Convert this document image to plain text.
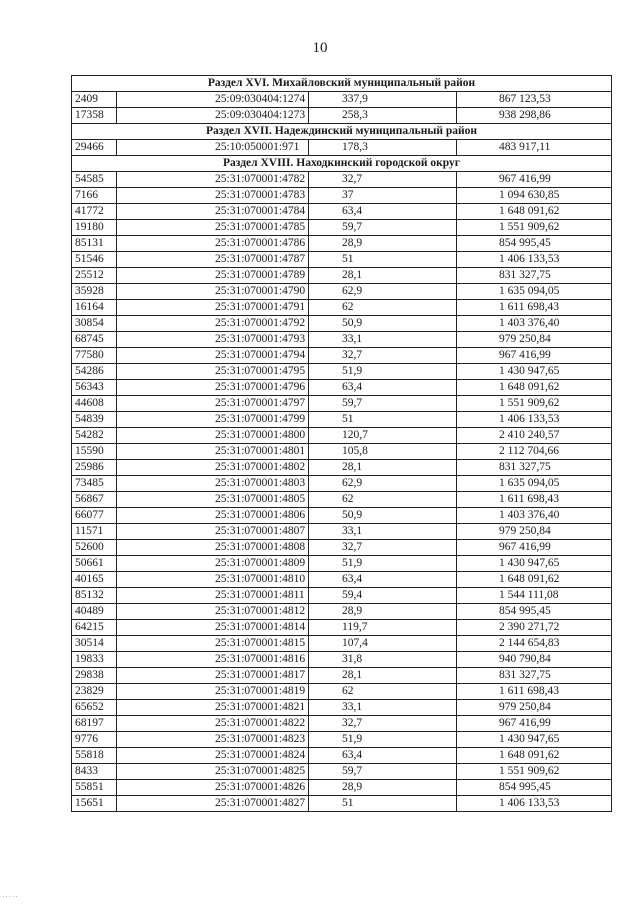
10
Раздел XVI. Михайловский муниципальный район			
2409	25:09:030404:1274	337,9	867 123,53
17358	25:09:030404:1273	258,3	938 298,86
Раздел XVII. Надеждинский муниципальный район			
29466	25:10:050001:971	178,3	483 917,11
Раздел XVIII. Находкинский городской округ			
54585	25:31:070001:4782	32,7	967 416,99
7166	25:31:070001:4783	37	1 094 630,85
41772	25:31:070001:4784	63,4	1 648 091,62
19180	25:31:070001:4785	59,7	1 551 909,62
85131	25:31:070001:4786	28,9	854 995,45
51546	25:31:070001:4787	51	1 406 133,53
25512	25:31:070001:4789	28,1	831 327,75
35928	25:31:070001:4790	62,9	1 635 094,05
16164	25:31:070001:4791	62	1 611 698,43
30854	25:31:070001:4792	50,9	1 403 376,40
68745	25:31:070001:4793	33,1	979 250,84
77580	25:31:070001:4794	32,7	967 416,99
54286	25:31:070001:4795	51,9	1 430 947,65
56343	25:31:070001:4796	63,4	1 648 091,62
44608	25:31:070001:4797	59,7	1 551 909,62
54839	25:31:070001:4799	51	1 406 133,53
54282	25:31:070001:4800	120,7	2 410 240,57
15590	25:31:070001:4801	105,8	2 112 704,66
25986	25:31:070001:4802	28,1	831 327,75
73485	25:31:070001:4803	62,9	1 635 094,05
56867	25:31:070001:4805	62	1 611 698,43
66077	25:31:070001:4806	50,9	1 403 376,40
11571	25:31:070001:4807	33,1	979 250,84
52600	25:31:070001:4808	32,7	967 416,99
50661	25:31:070001:4809	51,9	1 430 947,65
40165	25:31:070001:4810	63,4	1 648 091,62
85132	25:31:070001:4811	59,4	1 544 111,08
40489	25:31:070001:4812	28,9	854 995,45
64215	25:31:070001:4814	119,7	2 390 271,72
30514	25:31:070001:4815	107,4	2 144 654,83
19833	25:31:070001:4816	31,8	940 790,84
29838	25:31:070001:4817	28,1	831 327,75
23829	25:31:070001:4819	62	1 611 698,43
65652	25:31:070001:4821	33,1	979 250,84
68197	25:31:070001:4822	32,7	967 416,99
9776	25:31:070001:4823	51,9	1 430 947,65
55818	25:31:070001:4824	63,4	1 648 091,62
8433	25:31:070001:4825	59,7	1 551 909,62
55851	25:31:070001:4826	28,9	854 995,45
15651	25:31:070001:4827	51	1 406 133,53
·····
